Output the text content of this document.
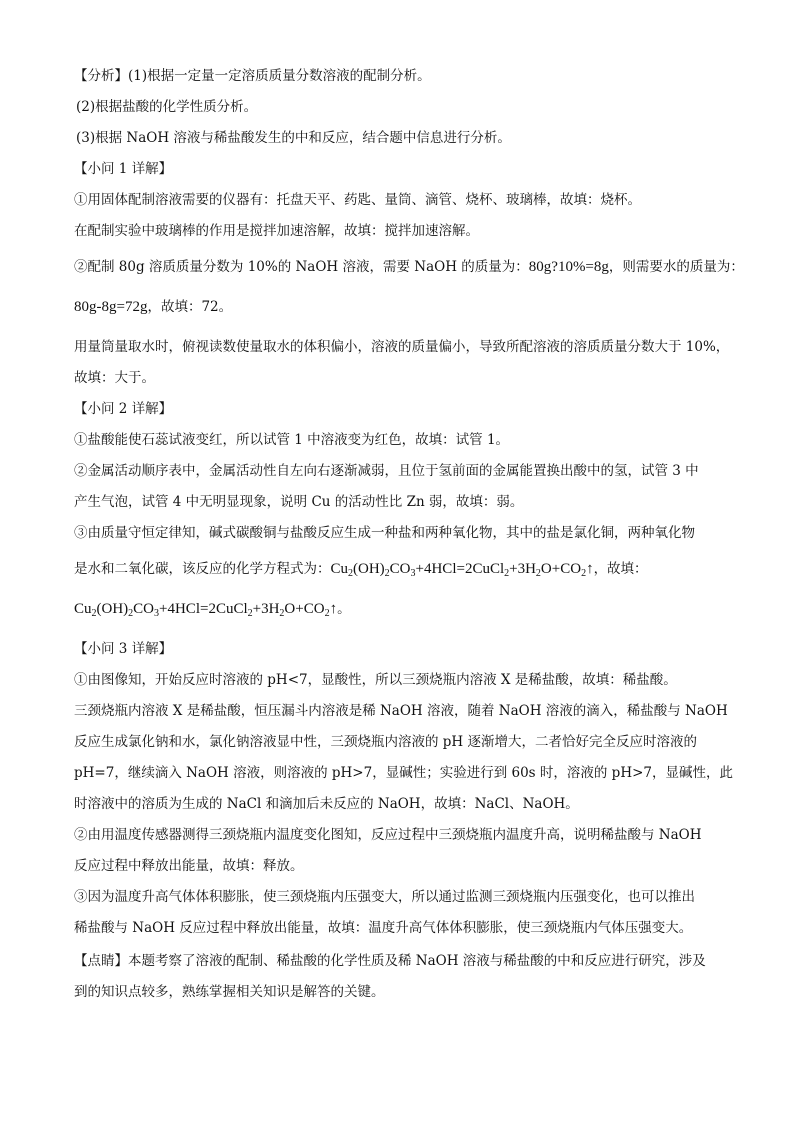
【分析】(1)根据一定量一定溶质质量分数溶液的配制分析。
(2)根据盐酸的化学性质分析。
(3)根据 NaOH 溶液与稀盐酸发生的中和反应，结合题中信息进行分析。
【小问 1 详解】
①用固体配制溶液需要的仪器有：托盘天平、药匙、量筒、滴管、烧杯、玻璃棒，故填：烧杯。
在配制实验中玻璃棒的作用是搅拌加速溶解，故填：搅拌加速溶解。
②配制 80g 溶质质量分数为 10%的 NaOH 溶液，需要 NaOH 的质量为：80g?10%=8g，则需要水的质量为：
80g-8g=72g，故填：72。
用量筒量取水时，俯视读数使量取水的体积偏小，溶液的质量偏小，导致所配溶液的溶质质量分数大于 10%，
故填：大于。
【小问 2 详解】
①盐酸能使石蕊试液变红，所以试管 1 中溶液变为红色，故填：试管 1。
②金属活动顺序表中，金属活动性自左向右逐渐减弱，且位于氢前面的金属能置换出酸中的氢，试管 3 中
产生气泡，试管 4 中无明显现象，说明 Cu 的活动性比 Zn 弱，故填：弱。
③由质量守恒定律知，碱式碳酸铜与盐酸反应生成一种盐和两种氧化物，其中的盐是氯化铜，两种氧化物
是水和二氧化碳，该反应的化学方程式为：$Cu_2(OH)_2CO_3+4HCl=2CuCl_2+3H_2O+CO_2↑$，故填：
$Cu_2(OH)_2CO_3+4HCl=2CuCl_2+3H_2O+CO_2↑$。
【小问 3 详解】
①由图像知，开始反应时溶液的 pH<7，显酸性，所以三颈烧瓶内溶液 X 是稀盐酸，故填：稀盐酸。
三颈烧瓶内溶液 X 是稀盐酸，恒压漏斗内溶液是稀 NaOH 溶液，随着 NaOH 溶液的滴入，稀盐酸与 NaOH
反应生成氯化钠和水，氯化钠溶液显中性，三颈烧瓶内溶液的 pH 逐渐增大，二者恰好完全反应时溶液的
pH=7，继续滴入 NaOH 溶液，则溶液的 pH>7，显碱性；实验进行到 60s 时，溶液的 pH>7，显碱性，此
时溶液中的溶质为生成的 NaCl 和滴加后未反应的 NaOH，故填：NaCl、NaOH。
②由用温度传感器测得三颈烧瓶内温度变化图知，反应过程中三颈烧瓶内温度升高，说明稀盐酸与 NaOH
反应过程中释放出能量，故填：释放。
③因为温度升高气体体积膨胀，使三颈烧瓶内压强变大，所以通过监测三颈烧瓶内压强变化，也可以推出
稀盐酸与 NaOH 反应过程中释放出能量，故填：温度升高气体体积膨胀，使三颈烧瓶内气体压强变大。
【点睛】本题考察了溶液的配制、稀盐酸的化学性质及稀 NaOH 溶液与稀盐酸的中和反应进行研究，涉及
到的知识点较多，熟练掌握相关知识是解答的关键。
